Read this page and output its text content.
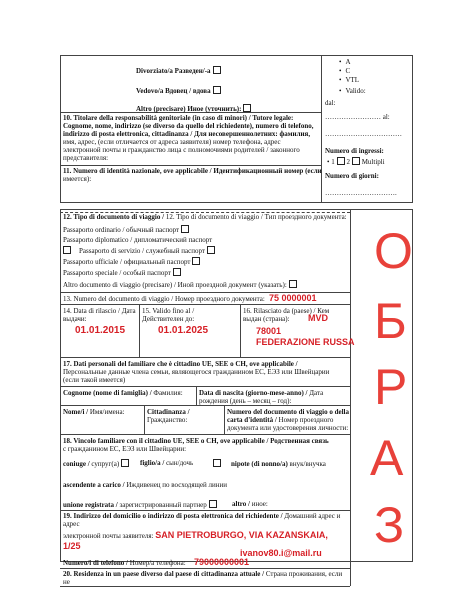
Divorziato/a Разведен/-а
Vedovo/a Вдовец / вдова
Altro (precisare) Иное (уточнить):
• A
• C
• VTL
• Valido:
dal:
…………………… al:
……………………………
Numero di ingressi:
• 1 2 Multipli
Numero di giorni:
………………………….
10. Titolare della responsabilità genitoriale (in caso di minori) / Tutore legale:
Cognome, nome, indirizzo (se diverso da quello del richiedente), numero di telefono,
indirizzo di posta elettronica, cittadinanza / Для несовершеннолетних: фамилия,
имя, адрес, (если отличается от адреса заявителя) номер телефона, адрес
электронной почты и гражданство лица с полномочиями родителей / законного
представителя:
11. Numero di identità nazionale, ove applicabile / Идентификационный номер (если
имеется):
12. Tipo di documento di viaggio / 12. Tipo di documento di viaggio / Тип проездного документа:
Passaporto ordinario / обычный паспорт
Passaporto diplomatico / дипломатический паспорт
Passaporto di servizio / служебный паспорт
Passaporto ufficiale / официальный паспорт
Passaporto speciale / особый паспорт
Altro documento di viaggio (precisare) / Иной проездной документ (указать):
13. Numero del documento di viaggio / Номер проездного документа: 75 0000001
14. Data di rilascio / Дата
выдачи:
01.01.2015
15. Valido fino al /
Действителен до:
01.01.2025
16. Rilasciato da (paese) / Кем
выдан (страна): MVD
78001
FEDERAZIONE RUSSA
17. Dati personali del familiare che è cittadino UE, SEE o CH, ove applicabile /
Персональные данные члена семьи, являющегося гражданином ЕС, ЕЭЗ или Швейцарии
(если такой имеется)
Cognome (nome di famiglia) / Фамилия: Data di nascita (giorno-mese-anno) / Дата
рождения (день – месяц – год):
Nome/i / Имя/имена:	Cittadinanza /
Гражданство:
Numero del documento di viaggio o della
carta d'identità / Номер проездного
документа или удостоверения личности:
18. Vincolo familiare con il cittadino UE, SEE o CH, ove applicabile / Родственная связь
с гражданином ЕС, ЕЭЗ или Швейцарии:
coniuge / супруг(а)	figlio/a / сын/дочь	nipote (di nonno/a) внук/внучка
ascendente a carico / Иждивенец по восходящей линии
unione registrata / зарегистрированный партнер	altro / иное:
19. Indirizzo del domicilio o indirizzo di posta elettronica del richiedente / Домашний адрес и
адрес
электронной почты заявителя: SAN PIETROBURGO, VIA KAZANSKAIA,
1/25
ivanov80.i@mail.ru
Numero/i di telefono / Номер/а телефона: 79000000001
20. Residenza in un paese diverso dal paese di cittadinanza attuale / Страна проживания, если
не
О
Б
Р
А
З
